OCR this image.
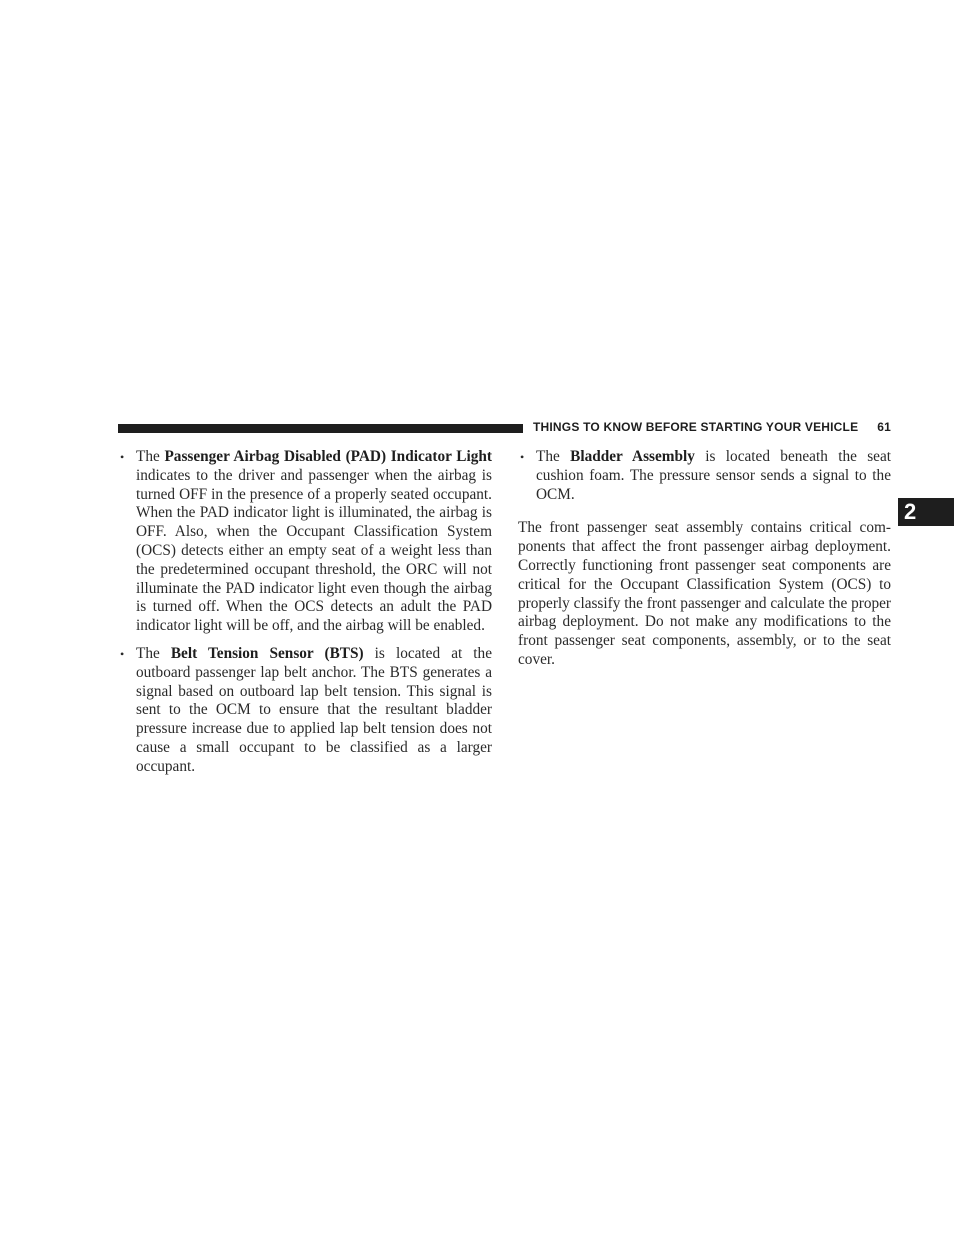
THINGS TO KNOW BEFORE STARTING YOUR VEHICLE 61
2
• The Passenger Airbag Disabled (PAD) Indicator Light indicates to the driver and passenger when the airbag is turned OFF in the presence of a properly seated occupant. When the PAD indicator light is illuminated, the airbag is OFF. Also, when the Occupant Classification System (OCS) detects either an empty seat of a weight less than the predetermined occupant threshold, the ORC will not illuminate the PAD indicator light even though the airbag is turned off. When the OCS detects an adult the PAD indicator light will be off, and the airbag will be enabled.
• The Belt Tension Sensor (BTS) is located at the outboard passenger lap belt anchor. The BTS generates a signal based on outboard lap belt tension. This signal is sent to the OCM to ensure that the resultant bladder pressure increase due to applied lap belt tension does not cause a small occupant to be classified as a larger occupant.
• The Bladder Assembly is located beneath the seat cushion foam. The pressure sensor sends a signal to the OCM.

The front passenger seat assembly contains critical components that affect the front passenger airbag deployment. Correctly functioning front passenger seat components are critical for the Occupant Classification System (OCS) to properly classify the front passenger and calculate the proper airbag deployment. Do not make any modifications to the front passenger seat components, assembly, or to the seat cover.
